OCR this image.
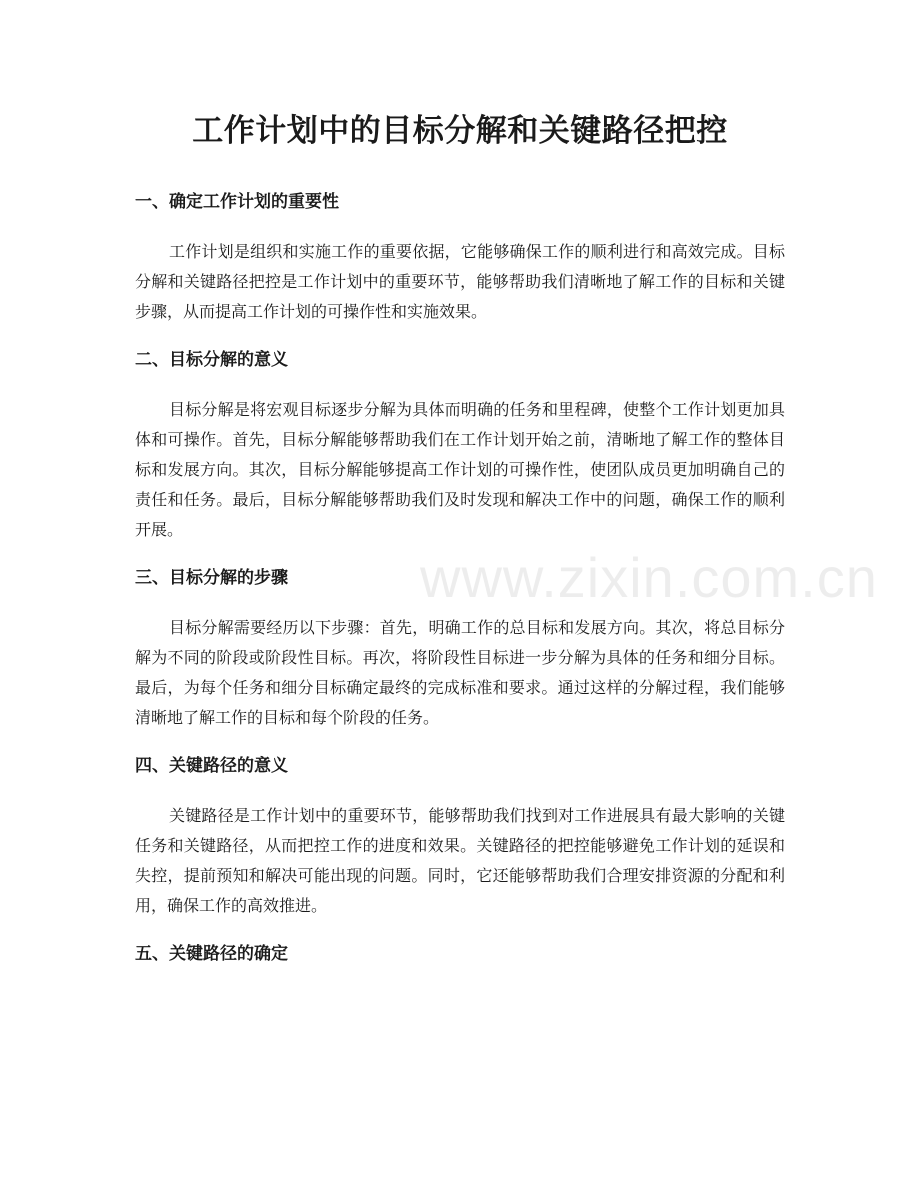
工作计划中的目标分解和关键路径把控
一、确定工作计划的重要性

工作计划是组织和实施工作的重要依据，它能够确保工作的顺利进行和高效完成。目标分解和关键路径把控是工作计划中的重要环节，能够帮助我们清晰地了解工作的目标和关键步骤，从而提高工作计划的可操作性和实施效果。

二、目标分解的意义

目标分解是将宏观目标逐步分解为具体而明确的任务和里程碑，使整个工作计划更加具体和可操作。首先，目标分解能够帮助我们在工作计划开始之前，清晰地了解工作的整体目标和发展方向。其次，目标分解能够提高工作计划的可操作性，使团队成员更加明确自己的责任和任务。最后，目标分解能够帮助我们及时发现和解决工作中的问题，确保工作的顺利开展。

三、目标分解的步骤

目标分解需要经历以下步骤：首先，明确工作的总目标和发展方向。其次，将总目标分解为不同的阶段或阶段性目标。再次，将阶段性目标进一步分解为具体的任务和细分目标。最后，为每个任务和细分目标确定最终的完成标准和要求。通过这样的分解过程，我们能够清晰地了解工作的目标和每个阶段的任务。

四、关键路径的意义

关键路径是工作计划中的重要环节，能够帮助我们找到对工作进展具有最大影响的关键任务和关键路径，从而把控工作的进度和效果。关键路径的把控能够避免工作计划的延误和失控，提前预知和解决可能出现的问题。同时，它还能够帮助我们合理安排资源的分配和利用，确保工作的高效推进。

五、关键路径的确定
www.zixin.com.cn
